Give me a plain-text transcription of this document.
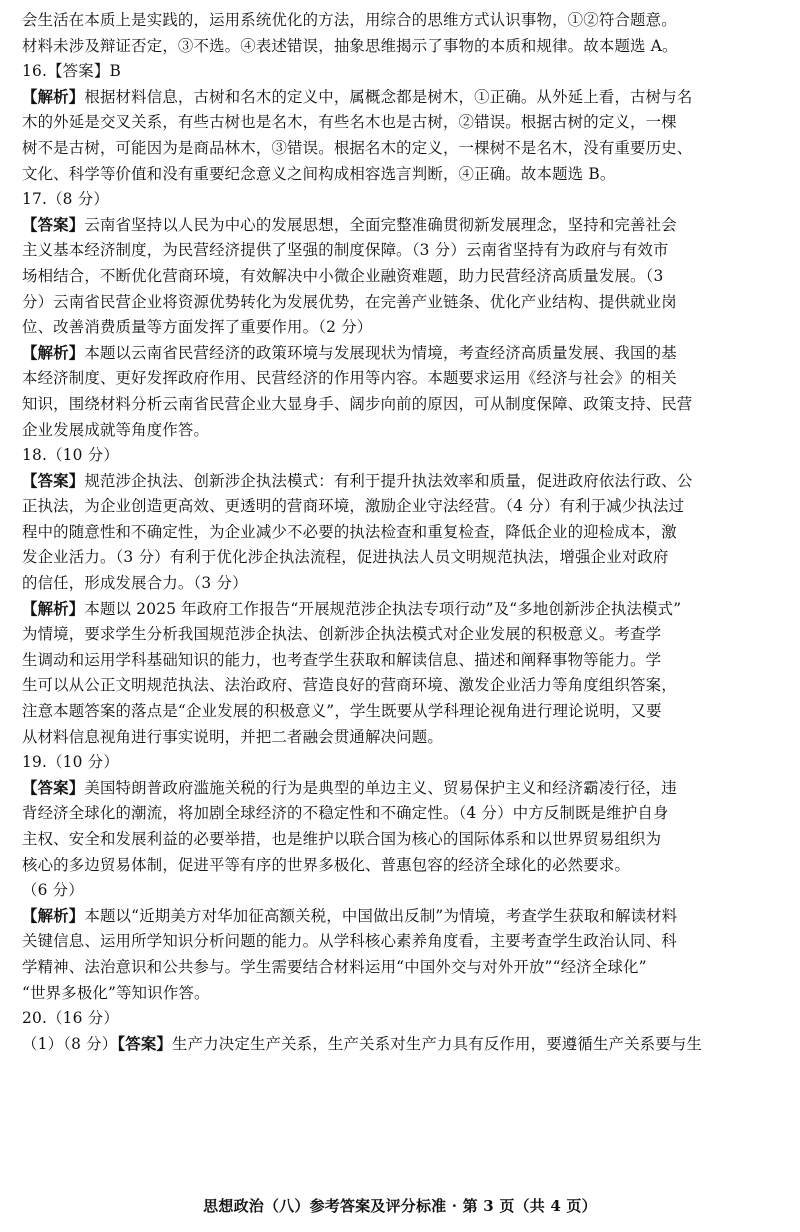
会生活在本质上是实践的，运用系统优化的方法，用综合的思维方式认识事物，①②符合题意。
材料未涉及辩证否定，③不选。④表述错误，抽象思维揭示了事物的本质和规律。故本题选 A。
16.【答案】B
【解析】根据材料信息，古树和名木的定义中，属概念都是树木，①正确。从外延上看，古树与名
木的外延是交叉关系，有些古树也是名木，有些名木也是古树，②错误。根据古树的定义，一棵
树不是古树，可能因为是商品林木，③错误。根据名木的定义，一棵树不是名木，没有重要历史、
文化、科学等价值和没有重要纪念意义之间构成相容选言判断，④正确。故本题选 B。
17.（8 分）
【答案】云南省坚持以人民为中心的发展思想，全面完整准确贯彻新发展理念，坚持和完善社会
主义基本经济制度，为民营经济提供了坚强的制度保障。（3 分）云南省坚持有为政府与有效市
场相结合，不断优化营商环境，有效解决中小微企业融资难题，助力民营经济高质量发展。（3
分）云南省民营企业将资源优势转化为发展优势，在完善产业链条、优化产业结构、提供就业岗
位、改善消费质量等方面发挥了重要作用。（2 分）
【解析】本题以云南省民营经济的政策环境与发展现状为情境，考查经济高质量发展、我国的基
本经济制度、更好发挥政府作用、民营经济的作用等内容。本题要求运用《经济与社会》的相关
知识，围绕材料分析云南省民营企业大显身手、阔步向前的原因，可从制度保障、政策支持、民营
企业发展成就等角度作答。
18.（10 分）
【答案】规范涉企执法、创新涉企执法模式：有利于提升执法效率和质量，促进政府依法行政、公
正执法，为企业创造更高效、更透明的营商环境，激励企业守法经营。（4 分）有利于减少执法过
程中的随意性和不确定性，为企业减少不必要的执法检查和重复检查，降低企业的迎检成本，激
发企业活力。（3 分）有利于优化涉企执法流程，促进执法人员文明规范执法，增强企业对政府
的信任，形成发展合力。（3 分）
【解析】本题以 2025 年政府工作报告“开展规范涉企执法专项行动”及“多地创新涉企执法模式”
为情境，要求学生分析我国规范涉企执法、创新涉企执法模式对企业发展的积极意义。考查学
生调动和运用学科基础知识的能力，也考查学生获取和解读信息、描述和阐释事物等能力。学
生可以从公正文明规范执法、法治政府、营造良好的营商环境、激发企业活力等角度组织答案，
注意本题答案的落点是“企业发展的积极意义”，学生既要从学科理论视角进行理论说明，又要
从材料信息视角进行事实说明，并把二者融会贯通解决问题。
19.（10 分）
【答案】美国特朗普政府滥施关税的行为是典型的单边主义、贸易保护主义和经济霸凌行径，违
背经济全球化的潮流，将加剧全球经济的不稳定性和不确定性。（4 分）中方反制既是维护自身
主权、安全和发展利益的必要举措，也是维护以联合国为核心的国际体系和以世界贸易组织为
核心的多边贸易体制，促进平等有序的世界多极化、普惠包容的经济全球化的必然要求。
（6 分）
【解析】本题以“近期美方对华加征高额关税，中国做出反制”为情境，考查学生获取和解读材料
关键信息、运用所学知识分析问题的能力。从学科核心素养角度看，主要考查学生政治认同、科
学精神、法治意识和公共参与。学生需要结合材料运用“中国外交与对外开放”“经济全球化”
“世界多极化”等知识作答。
20.（16 分）
（1）（8 分）【答案】生产力决定生产关系，生产关系对生产力具有反作用，要遵循生产关系要与生
思想政治（八）参考答案及评分标准 · 第 3 页（共 4 页）
